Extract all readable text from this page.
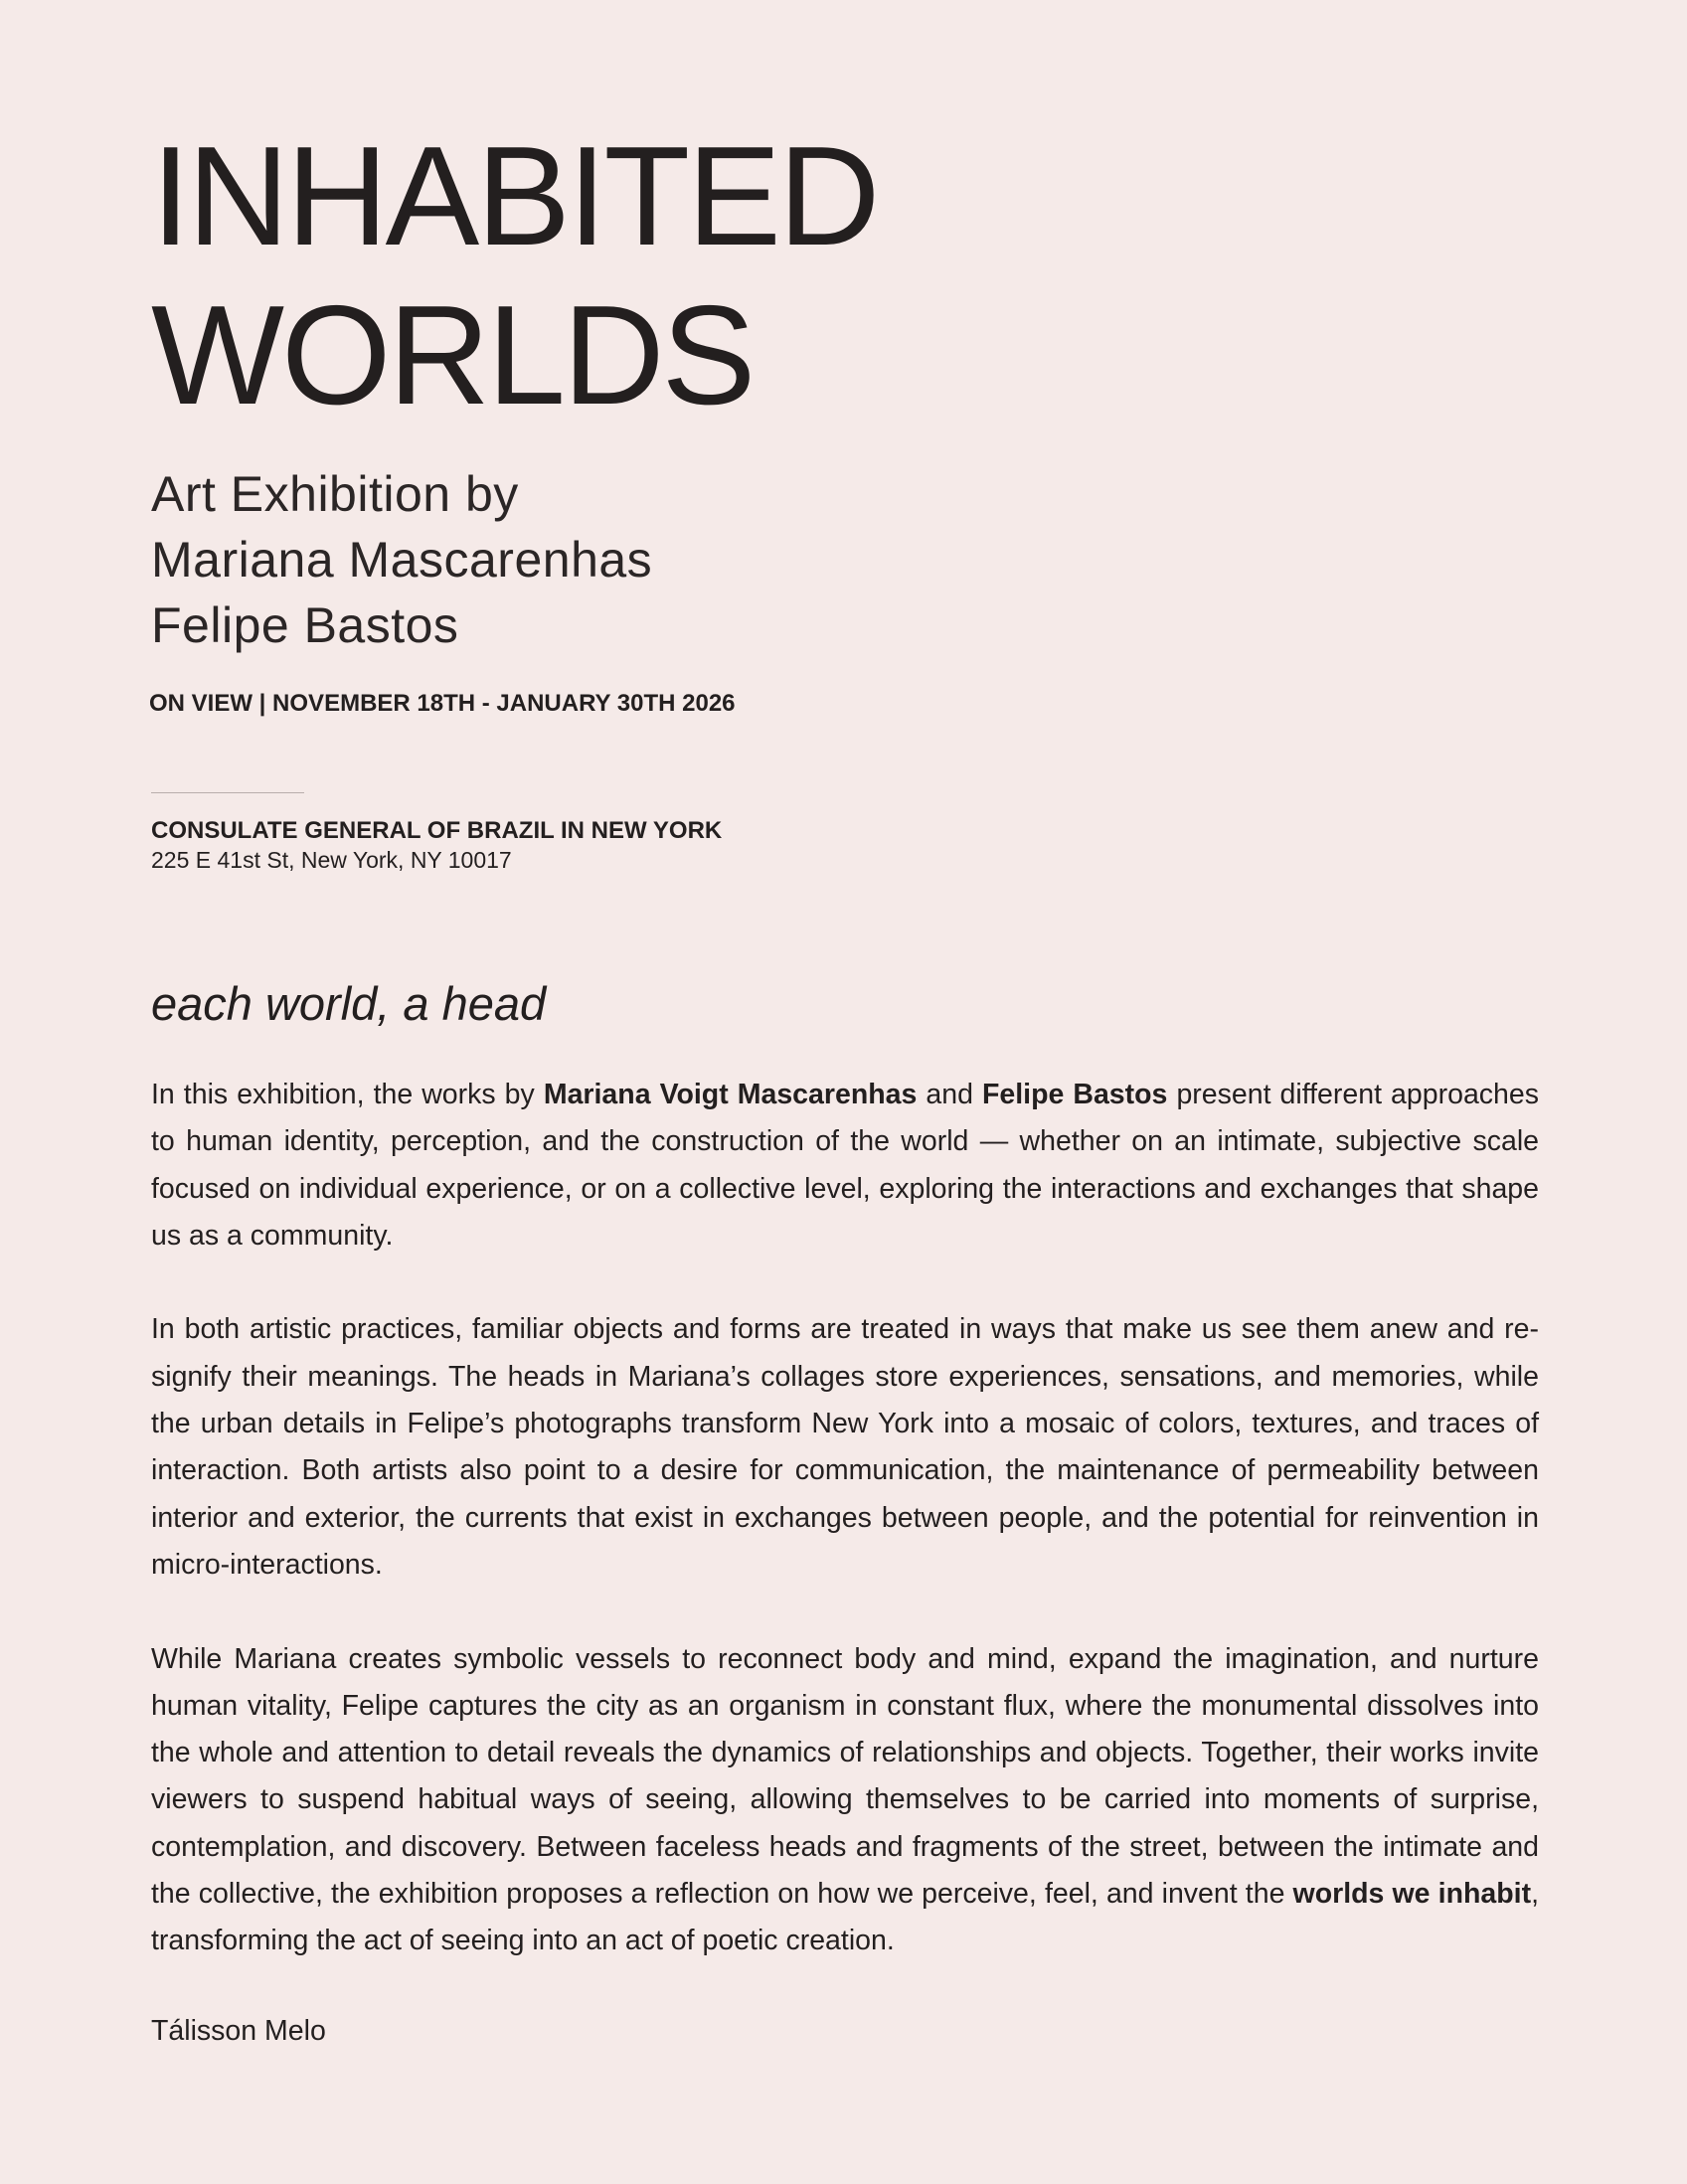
INHABITED
WORLDS
Art Exhibition by
Mariana Mascarenhas
Felipe Bastos
ON VIEW | NOVEMBER 18TH - JANUARY 30TH 2026
CONSULATE GENERAL OF BRAZIL IN NEW YORK
225 E 41st St, New York, NY 10017
each world, a head

In this exhibition, the works by Mariana Voigt Mascarenhas and Felipe Bastos present different approaches to human identity, perception, and the construction of the world — whether on an intimate, subjective scale focused on individual experience, or on a collective level, exploring the interactions and exchanges that shape us as a community.

In both artistic practices, familiar objects and forms are treated in ways that make us see them anew and re-signify their meanings. The heads in Mariana’s collages store experiences, sensations, and memories, while the urban details in Felipe’s photographs transform New York into a mosaic of colors, textures, and traces of interaction. Both artists also point to a desire for communication, the maintenance of permeability between interior and exterior, the currents that exist in exchanges between people, and the potential for reinvention in micro-interactions.

While Mariana creates symbolic vessels to reconnect body and mind, expand the imagination, and nurture human vitality, Felipe captures the city as an organism in constant flux, where the monumental dissolves into the whole and attention to detail reveals the dynamics of relationships and objects. Together, their works invite viewers to suspend habitual ways of seeing, allowing themselves to be carried into moments of surprise, contemplation, and discovery. Between faceless heads and fragments of the street, between the intimate and the collective, the exhibition proposes a reflection on how we perceive, feel, and invent the worlds we inhabit, transforming the act of seeing into an act of poetic creation.

Tálisson Melo
